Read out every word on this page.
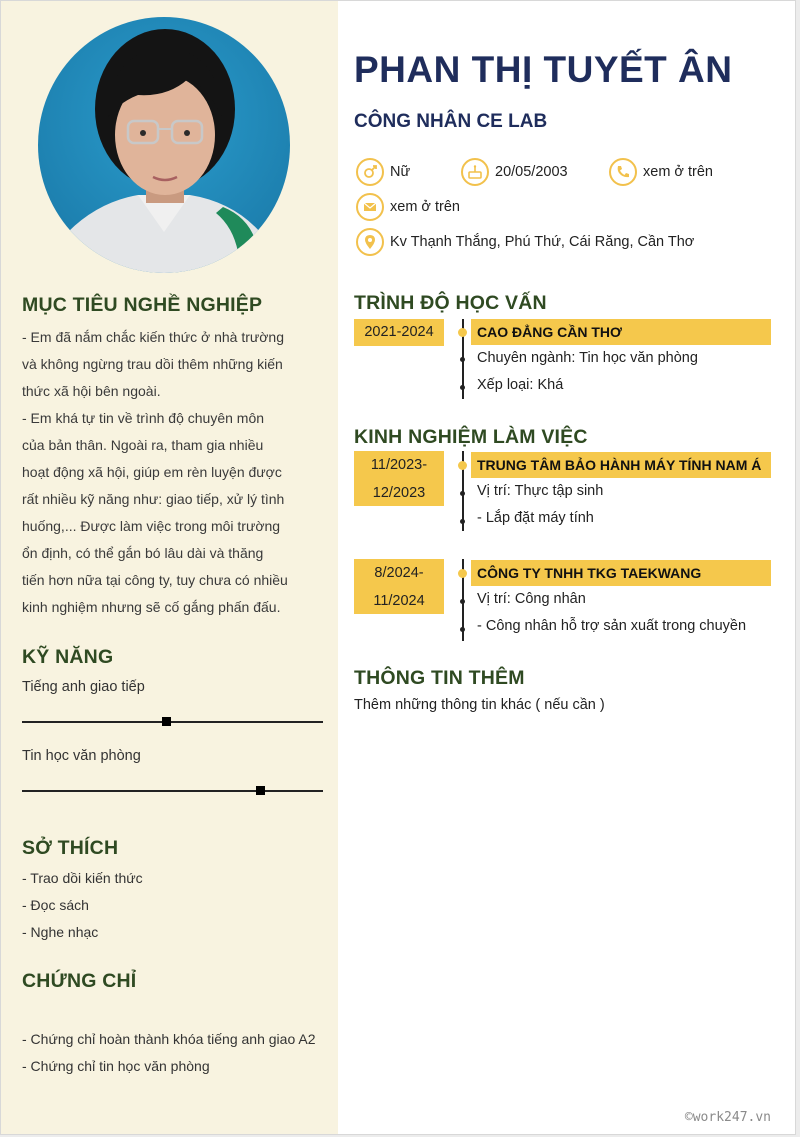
MỤC TIÊU NGHỀ NGHIỆP
- Em đã nắm chắc kiến thức ở nhà trường
và không ngừng trau dồi thêm những kiến
thức xã hội bên ngoài.
- Em khá tự tin về trình độ chuyên môn
của bản thân. Ngoài ra, tham gia nhiều
hoạt động xã hội, giúp em rèn luyện được
rất nhiều kỹ năng như: giao tiếp, xử lý tình
huống,... Được làm việc trong môi trường
ổn định, có thể gắn bó lâu dài và thăng
tiến hơn nữa tại công ty, tuy chưa có nhiều
kinh nghiệm nhưng sẽ cố gắng phấn đấu.
KỸ NĂNG
Tiếng anh giao tiếp
Tin học văn phòng
SỞ THÍCH
- Trao dồi kiến thức
- Đọc sách
- Nghe nhạc
CHỨNG CHỈ
- Chứng chỉ hoàn thành khóa tiếng anh giao A2
- Chứng chỉ tin học văn phòng
PHAN THỊ TUYẾT ÂN
CÔNG NHÂN CE LAB
Nữ	20/05/2003	xem ở trên
xem ở trên
Kv Thạnh Thắng, Phú Thứ, Cái Răng, Cần Thơ
TRÌNH ĐỘ HỌC VẤN
2021-2024	CAO ĐẲNG CẦN THƠ
Chuyên ngành: Tin học văn phòng
Xếp loại: Khá
KINH NGHIỆM LÀM VIỆC
11/2023-
12/2023
TRUNG TÂM BẢO HÀNH MÁY TÍNH NAM Á
Vị trí: Thực tập sinh
- Lắp đặt máy tính
8/2024-
11/2024
CÔNG TY TNHH TKG TAEKWANG
Vị trí: Công nhân
- Công nhân hỗ trợ sản xuất trong chuyền
THÔNG TIN THÊM
Thêm những thông tin khác ( nếu cần )
©work247.vn
